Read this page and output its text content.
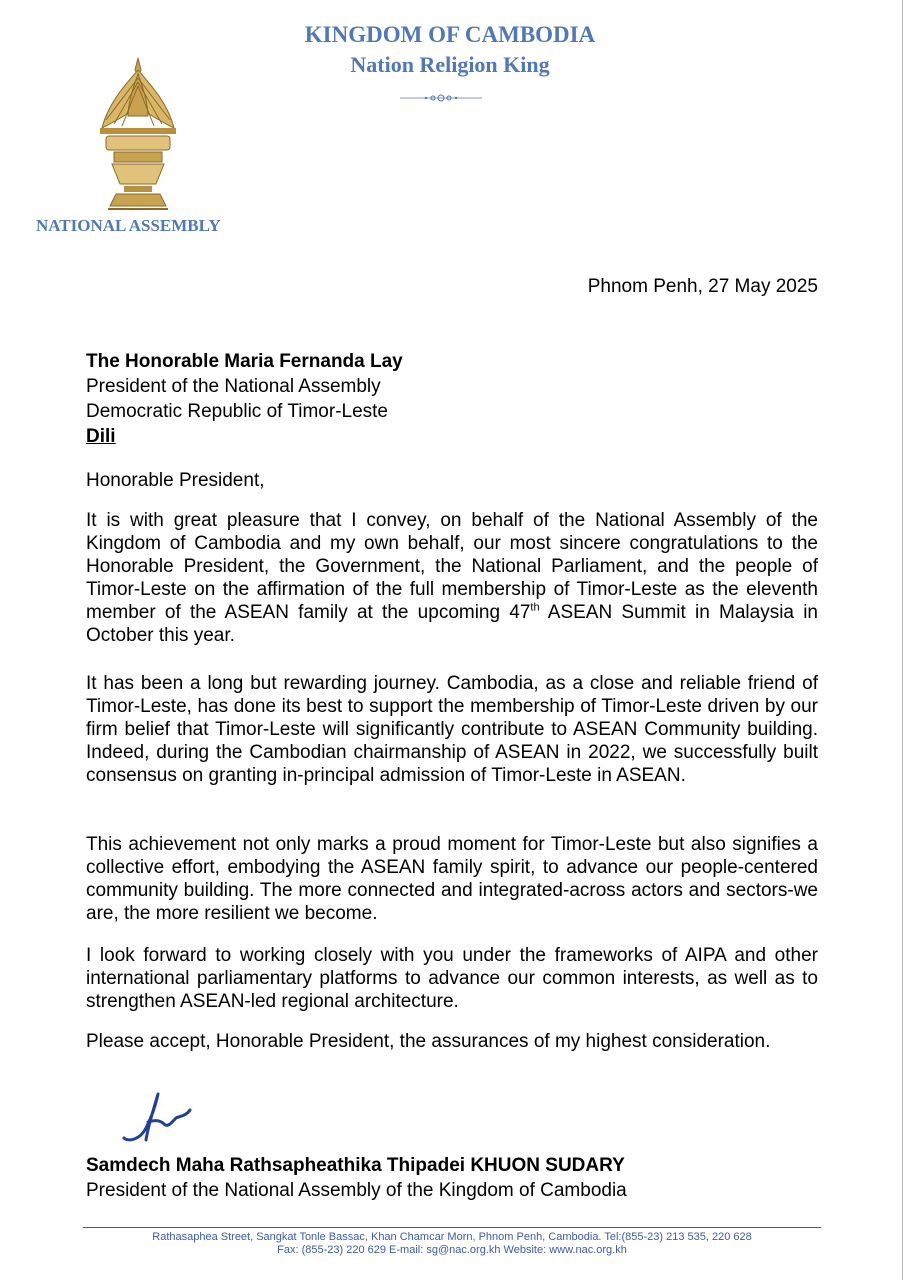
KINGDOM OF CAMBODIA
Nation Religion King
NATIONAL ASSEMBLY
Phnom Penh, 27 May 2025
The Honorable Maria Fernanda Lay
President of the National Assembly
Democratic Republic of Timor-Leste
Dili
Honorable President,

It is with great pleasure that I convey, on behalf of the National Assembly of the Kingdom of Cambodia and my own behalf, our most sincere congratulations to the Honorable President, the Government, the National Parliament, and the people of Timor-Leste on the affirmation of the full membership of Timor-Leste as the eleventh member of the ASEAN family at the upcoming 47th ASEAN Summit in Malaysia in October this year.

It has been a long but rewarding journey. Cambodia, as a close and reliable friend of Timor-Leste, has done its best to support the membership of Timor-Leste driven by our firm belief that Timor-Leste will significantly contribute to ASEAN Community building. Indeed, during the Cambodian chairmanship of ASEAN in 2022, we successfully built consensus on granting in-principal admission of Timor-Leste in ASEAN.

This achievement not only marks a proud moment for Timor-Leste but also signifies a collective effort, embodying the ASEAN family spirit, to advance our people-centered community building. The more connected and integrated-across actors and sectors-we are, the more resilient we become.

I look forward to working closely with you under the frameworks of AIPA and other international parliamentary platforms to advance our common interests, as well as to strengthen ASEAN-led regional architecture.

Please accept, Honorable President, the assurances of my highest consideration.

Samdech Maha Rathsapheathika Thipadei KHUON SUDARY
President of the National Assembly of the Kingdom of Cambodia
Rathasaphea Street, Sangkat Tonle Bassac, Khan Chamcar Morn, Phnom Penh, Cambodia. Tel:(855-23) 213 535, 220 628
Fax: (855-23) 220 629 E-mail: sg@nac.org.kh Website: www.nac.org.kh
